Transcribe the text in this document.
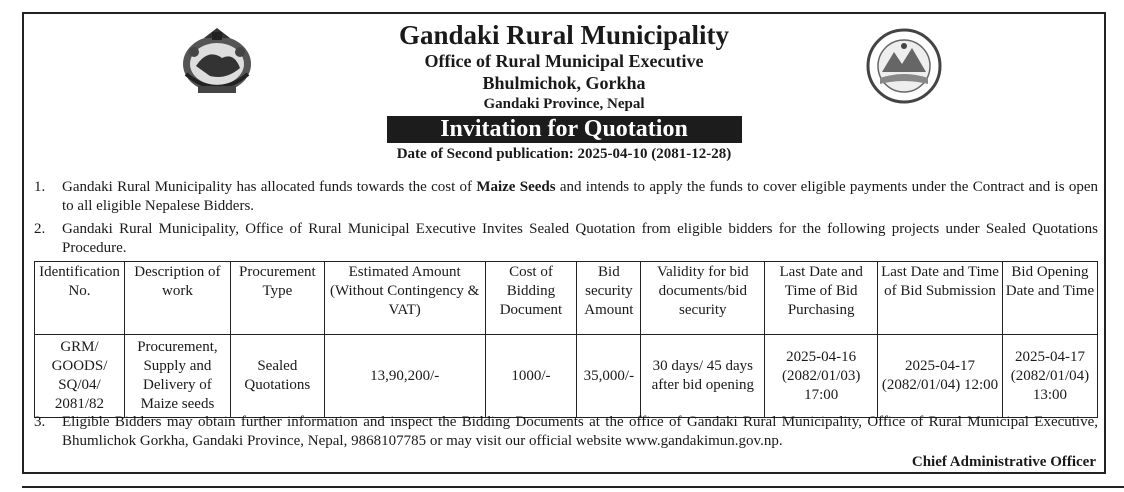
Gandaki Rural Municipality
Office of Rural Municipal Executive
Bhulmichok, Gorkha
Gandaki Province, Nepal
Invitation for Quotation
Date of Second publication: 2025-04-10 (2081-12-28)
1. Gandaki Rural Municipality has allocated funds towards the cost of Maize Seeds and intends to apply the funds to cover eligible payments under the Contract and is open to all eligible Nepalese Bidders.
2. Gandaki Rural Municipality, Office of Rural Municipal Executive Invites Sealed Quotation from eligible bidders for the following projects under Sealed Quotations Procedure.
Identification No.	Description of work	Procurement Type	Estimated Amount (Without Contingency & VAT)	Cost of Bidding Document	Bid security Amount	Validity for bid documents/bid security	Last Date and Time of Bid Purchasing	Last Date and Time of Bid Submission	Bid Opening Date and Time
GRM/ GOODS/ SQ/04/ 2081/82	Procurement, Supply and Delivery of Maize seeds	Sealed Quotations	13,90,200/-	1000/-	35,000/-	30 days/ 45 days after bid opening	2025-04-16 (2082/01/03) 17:00	2025-04-17 (2082/01/04) 12:00	2025-04-17 (2082/01/04) 13:00
3. Eligible Bidders may obtain further information and inspect the Bidding Documents at the office of Gandaki Rural Municipality, Office of Rural Municipal Executive, Bhumlichok Gorkha, Gandaki Province, Nepal, 9868107785 or may visit our official website www.gandakimun.gov.np.
Chief Administrative Officer
